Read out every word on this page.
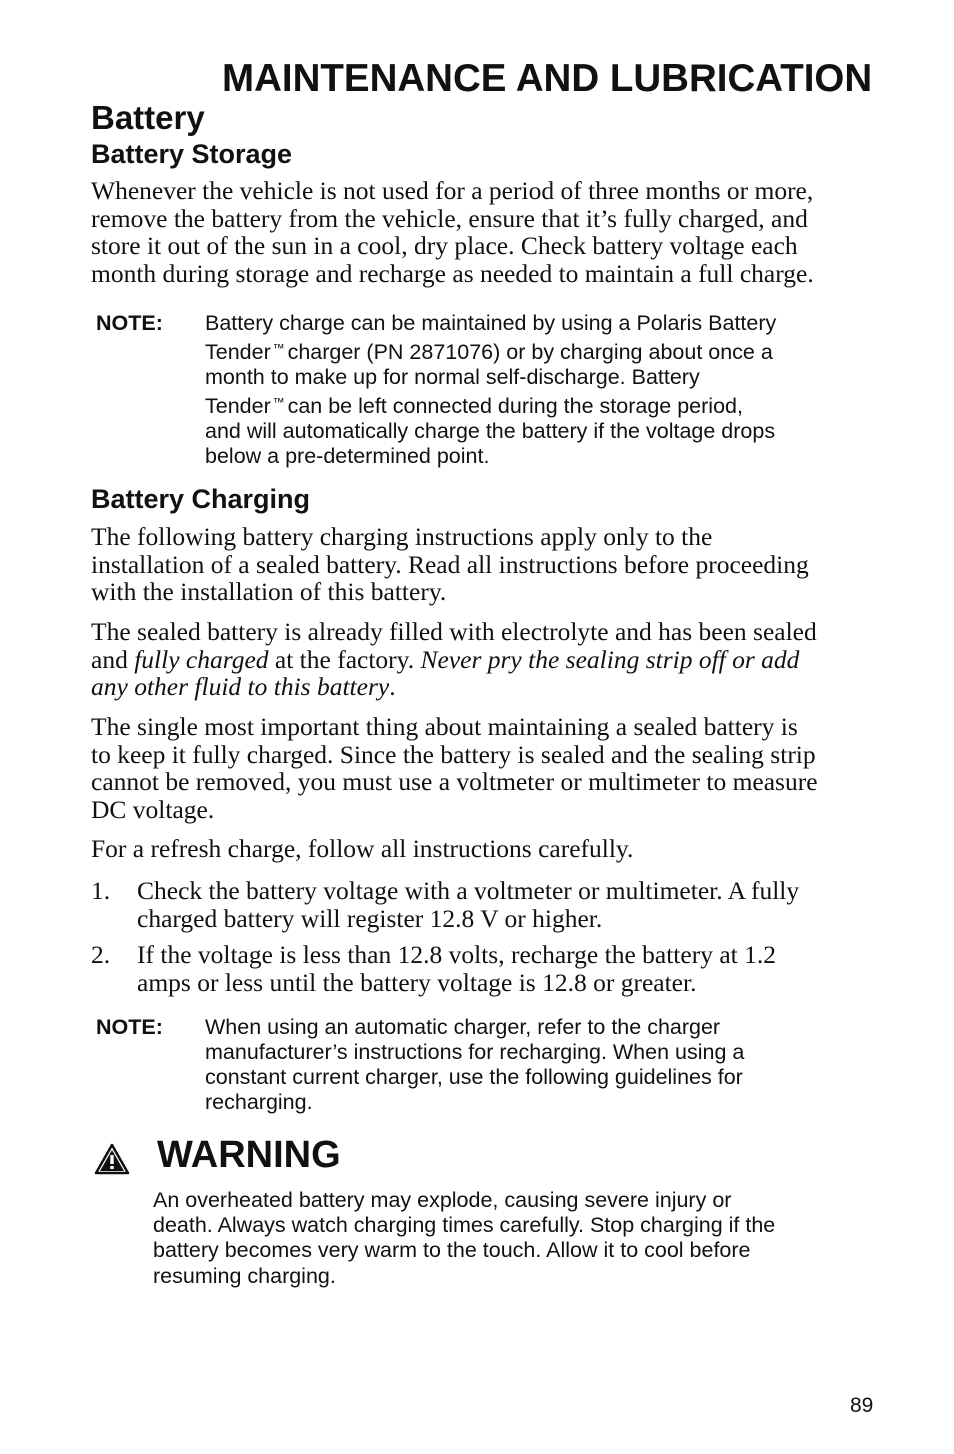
MAINTENANCE AND LUBRICATION
Battery
Battery Storage
Whenever the vehicle is not used for a period of three months or more,
remove the battery from the vehicle, ensure that it’s fully charged, and
store it out of the sun in a cool, dry place. Check battery voltage each
month during storage and recharge as needed to maintain a full charge.
NOTE: Battery charge can be maintained by using a Polaris Battery
Tender ™ charger (PN 2871076) or by charging about once a
month to make up for normal self-discharge. Battery
Tender ™ can be left connected during the storage period,
and will automatically charge the battery if the voltage drops
below a pre-determined point.
Battery Charging
The following battery charging instructions apply only to the
installation of a sealed battery. Read all instructions before proceeding
with the installation of this battery.
The sealed battery is already filled with electrolyte and has been sealed
and fully charged at the factory. Never pry the sealing strip off or add
any other fluid to this battery.
The single most important thing about maintaining a sealed battery is
to keep it fully charged. Since the battery is sealed and the sealing strip
cannot be removed, you must use a voltmeter or multimeter to measure
DC voltage.
For a refresh charge, follow all instructions carefully.
1. Check the battery voltage with a voltmeter or multimeter. A fully
charged battery will register 12.8 V or higher.
2. If the voltage is less than 12.8 volts, recharge the battery at 1.2
amps or less until the battery voltage is 12.8 or greater.
NOTE: When using an automatic charger, refer to the charger
manufacturer’s instructions for recharging. When using a
constant current charger, use the following guidelines for
recharging.
WARNING
An overheated battery may explode, causing severe injury or
death. Always watch charging times carefully. Stop charging if the
battery becomes very warm to the touch. Allow it to cool before
resuming charging.
89
